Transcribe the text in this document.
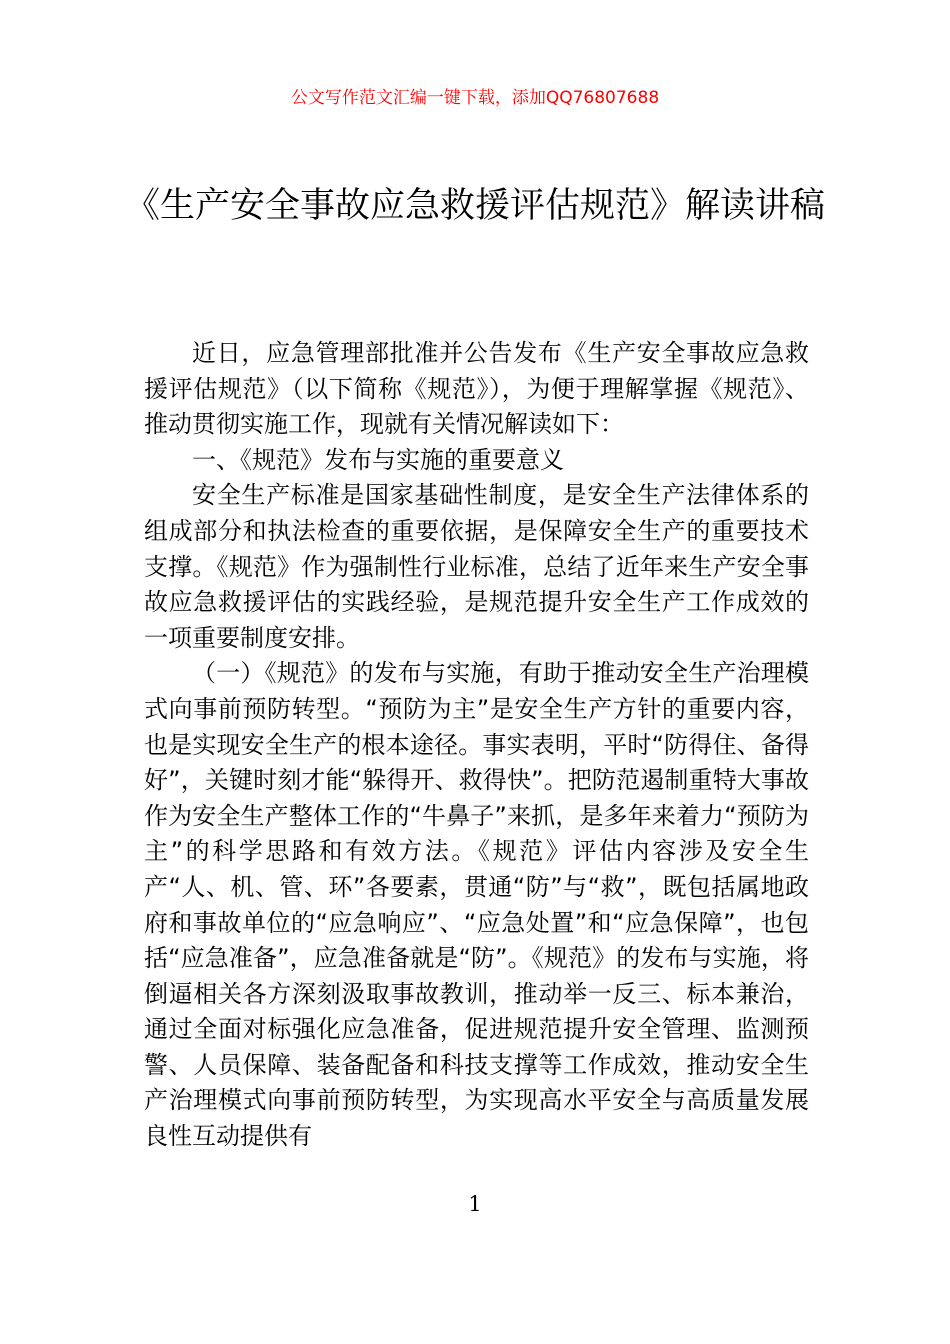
公文写作范文汇编一键下载，添加QQ76807688
《生产安全事故应急救援评估规范》解读讲稿

近日，应急管理部批准并公告发布《生产安全事故应急救援评估规范》（以下简称《规范》），为便于理解掌握《规范》、推动贯彻实施工作，现就有关情况解读如下：

一、《规范》发布与实施的重要意义

安全生产标准是国家基础性制度，是安全生产法律体系的组成部分和执法检查的重要依据，是保障安全生产的重要技术支撑。《规范》作为强制性行业标准，总结了近年来生产安全事故应急救援评估的实践经验，是规范提升安全生产工作成效的一项重要制度安排。

（一）《规范》的发布与实施，有助于推动安全生产治理模式向事前预防转型。“预防为主”是安全生产方针的重要内容，也是实现安全生产的根本途径。事实表明，平时“防得住、备得好”，关键时刻才能“躲得开、救得快”。把防范遏制重特大事故作为安全生产整体工作的“牛鼻子”来抓，是多年来着力“预防为主”的科学思路和有效方法。《规范》评估内容涉及安全生产“人、机、管、环”各要素，贯通“防”与“救”，既包括属地政府和事故单位的“应急响应”、“应急处置”和“应急保障”，也包括“应急准备”，应急准备就是“防”。《规范》的发布与实施，将倒逼相关各方深刻汲取事故教训，推动举一反三、标本兼治，通过全面对标强化应急准备，促进规范提升安全管理、监测预警、人员保障、装备配备和科技支撑等工作成效，推动安全生产治理模式向事前预防转型，为实现高水平安全与高质量发展良性互动提供有

1
